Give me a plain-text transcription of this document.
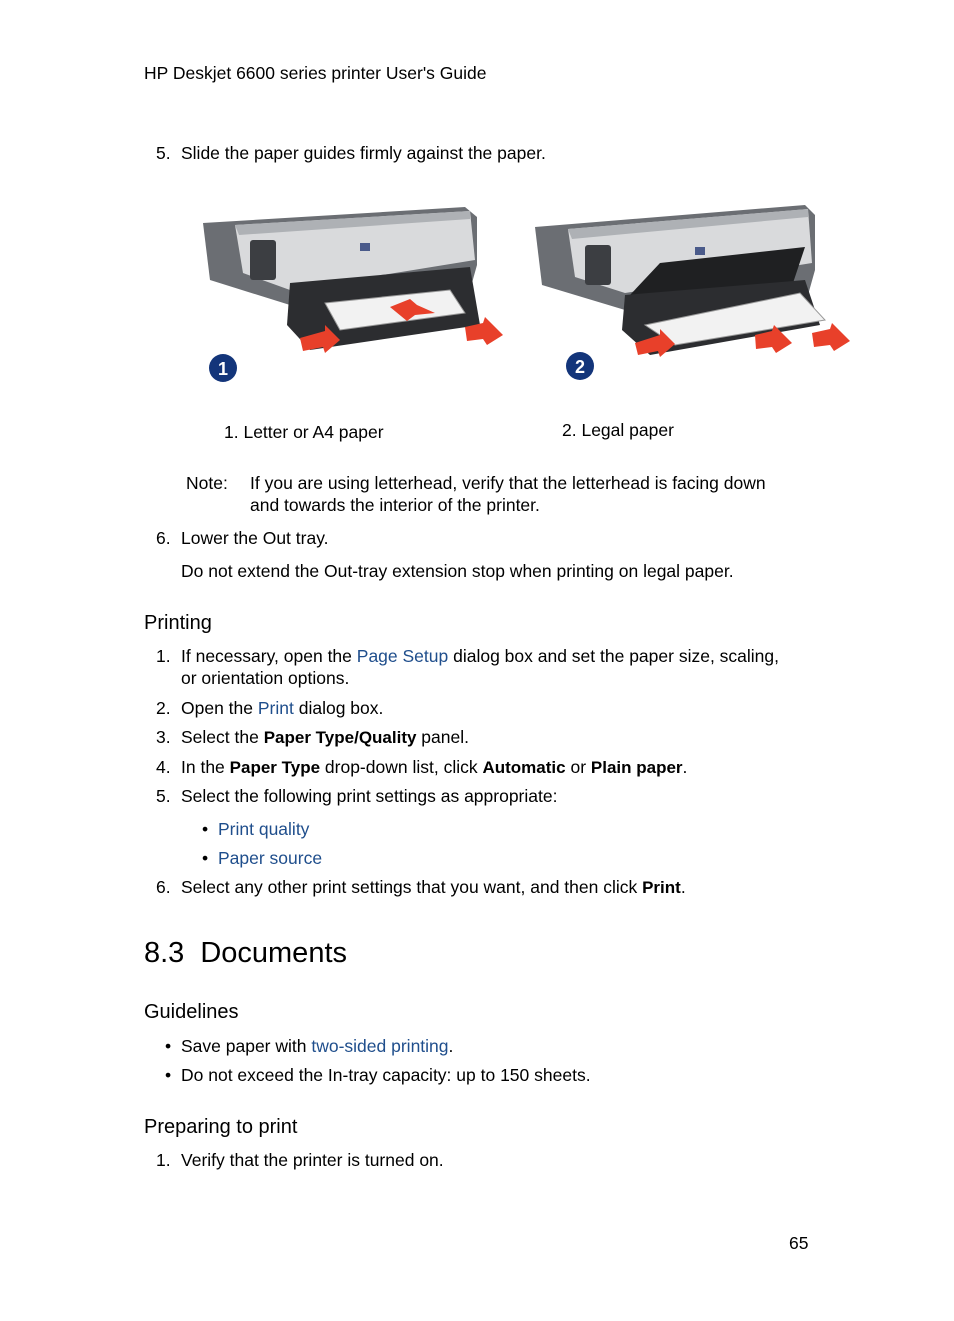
HP Deskjet 6600 series printer User's Guide
5. Slide the paper guides firmly against the paper.
1	2
1. Letter or A4 paper	2. Legal paper
Note: If you are using letterhead, verify that the letterhead is facing down
and towards the interior of the printer.
6. Lower the Out tray.
Do not extend the Out-tray extension stop when printing on legal paper.
Printing
1. If necessary, open the Page Setup dialog box and set the paper size, scaling,
or orientation options.
2. Open the Print dialog box.
3. Select the Paper Type/Quality panel.
4. In the Paper Type drop-down list, click Automatic or Plain paper.
5. Select the following print settings as appropriate:
• Print quality
• Paper source
6. Select any other print settings that you want, and then click Print.
8.3 Documents
Guidelines
• Save paper with two-sided printing.
• Do not exceed the In-tray capacity: up to 150 sheets.
Preparing to print
1. Verify that the printer is turned on.
65
